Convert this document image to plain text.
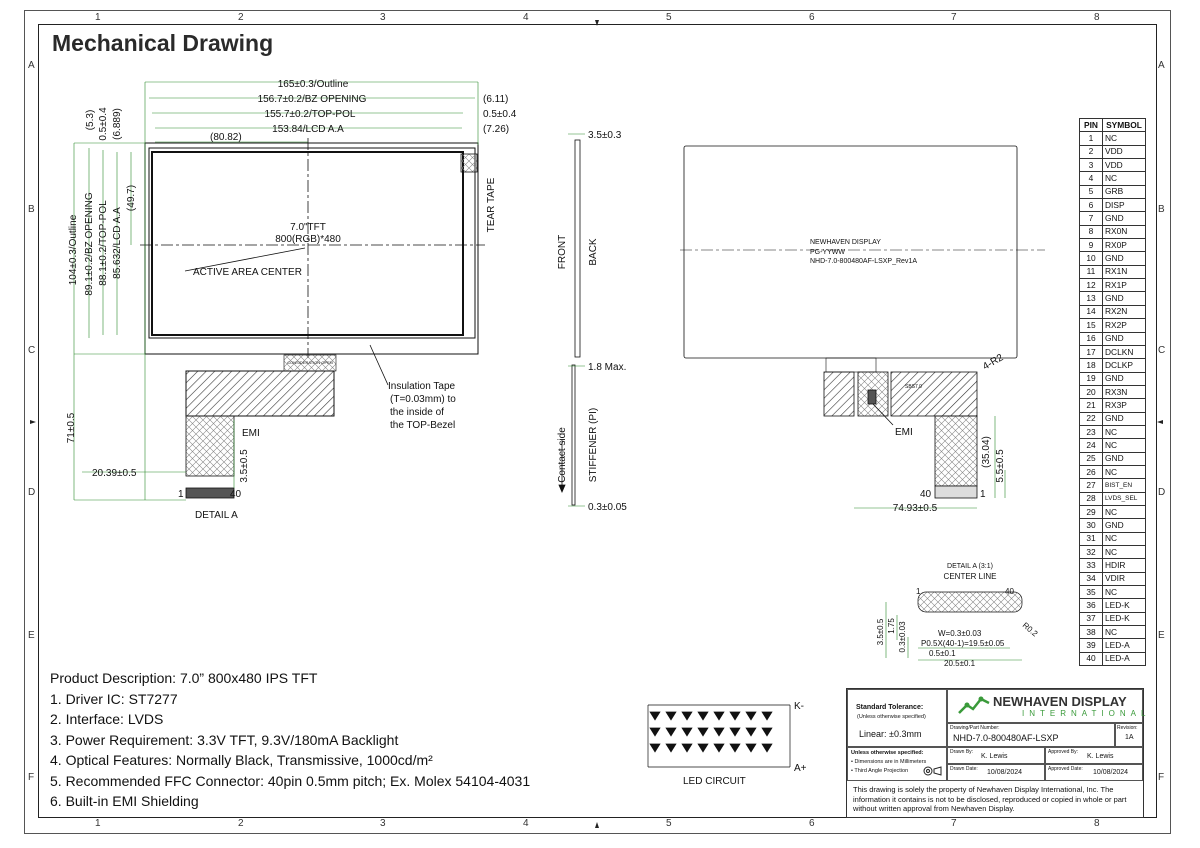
1	2	3	4	5	6	7	8
1	2	3	4	5	6	7	8
A
B
C
D
E
F
A
B
C
D
E
F
Mechanical Drawing
165±0.3/Outline
156.7±0.2/BZ OPENING
155.7±0.2/TOP-POL
153.84/LCD A.A
(6.11)
0.5±0.4
(7.26)
(80.82)
(5.3) 0.5±0.4 (6.889)
(49.7)
104±0.3/Outline 89.1±0.2/BZ OPENING 88.1±0.2/TOP-POL 85.632/LCD A.A	7.0"TFT
800(RGB)*480
ACTIVE AREA CENTER
TEAR TAPE
Insulation Tape
(T=0.03mm) to
the inside of
the TOP-Bezel
EMI
71±0.5
20.39±0.5	3.5±0.5
1	40
DETAIL A
CONSIDERATION OPEN
3.5±0.3
FRONT BACK
1.8 Max.
Contact side STIFFENER (PI)
0.3±0.05
NEWHAVEN DISPLAY
PG-YYWW
NHD-7.0-800480AF-LSXP_Rev1A
4-R2
EMI
(35.04) 5.5±0.5
74.93±0.5
40	1
SBS7.0
DETAIL A (3:1)
CENTER LINE
1	40
R0.2
3.5±0.5 1.75 0.3±0.03	W=0.3±0.03
P0.5X(40-1)=19.5±0.05
0.5±0.1
20.5±0.1
K-
A+
LED CIRCUIT
PIN	SYMBOL
1	NC
2	VDD
3	VDD
4	NC
5	GRB
6	DISP
7	GND
8	RX0N
9	RX0P
10	GND
11	RX1N
12	RX1P
13	GND
14	RX2N
15	RX2P
16	GND
17	DCLKN
18	DCLKP
19	GND
20	RX3N
21	RX3P
22	GND
23	NC
24	NC
25	GND
26	NC
27	BIST_EN
28	LVDS_SEL
29	NC
30	GND
31	NC
32	NC
33	HDIR
34	VDIR
35	NC
36	LED-K
37	LED-K
38	NC
39	LED-A
40	LED-A
Product Description: 7.0” 800x480 IPS TFT
1. Driver IC: ST7277
2. Interface: LVDS
3. Power Requirement: 3.3V TFT, 9.3V/180mA Backlight
4. Optical Features: Normally Black, Transmissive, 1000cd/m²
5. Recommended FFC Connector: 40pin 0.5mm pitch; Ex. Molex 54104-4031
6. Built-in EMI Shielding
Standard Tolerance:
(Unless otherwise specified)
Linear: ±0.3mm
NEWHAVEN DISPLAY
INTERNATIONAL
Drawing/Part Number:
NHD-7.0-800480AF-LSXP
Revision:
1A
Unless otherwise specified:
• Dimensions are in Millimeters
• Third Angle Projection
Drawn By:
K. Lewis
Approved By:
K. Lewis
Drawn Date: 10/08/2024	Approved Date: 10/08/2024
This drawing is solely the property of Newhaven Display International, Inc. The information it contains is not to be disclosed, reproduced or copied in whole or part without written approval from Newhaven Display.
